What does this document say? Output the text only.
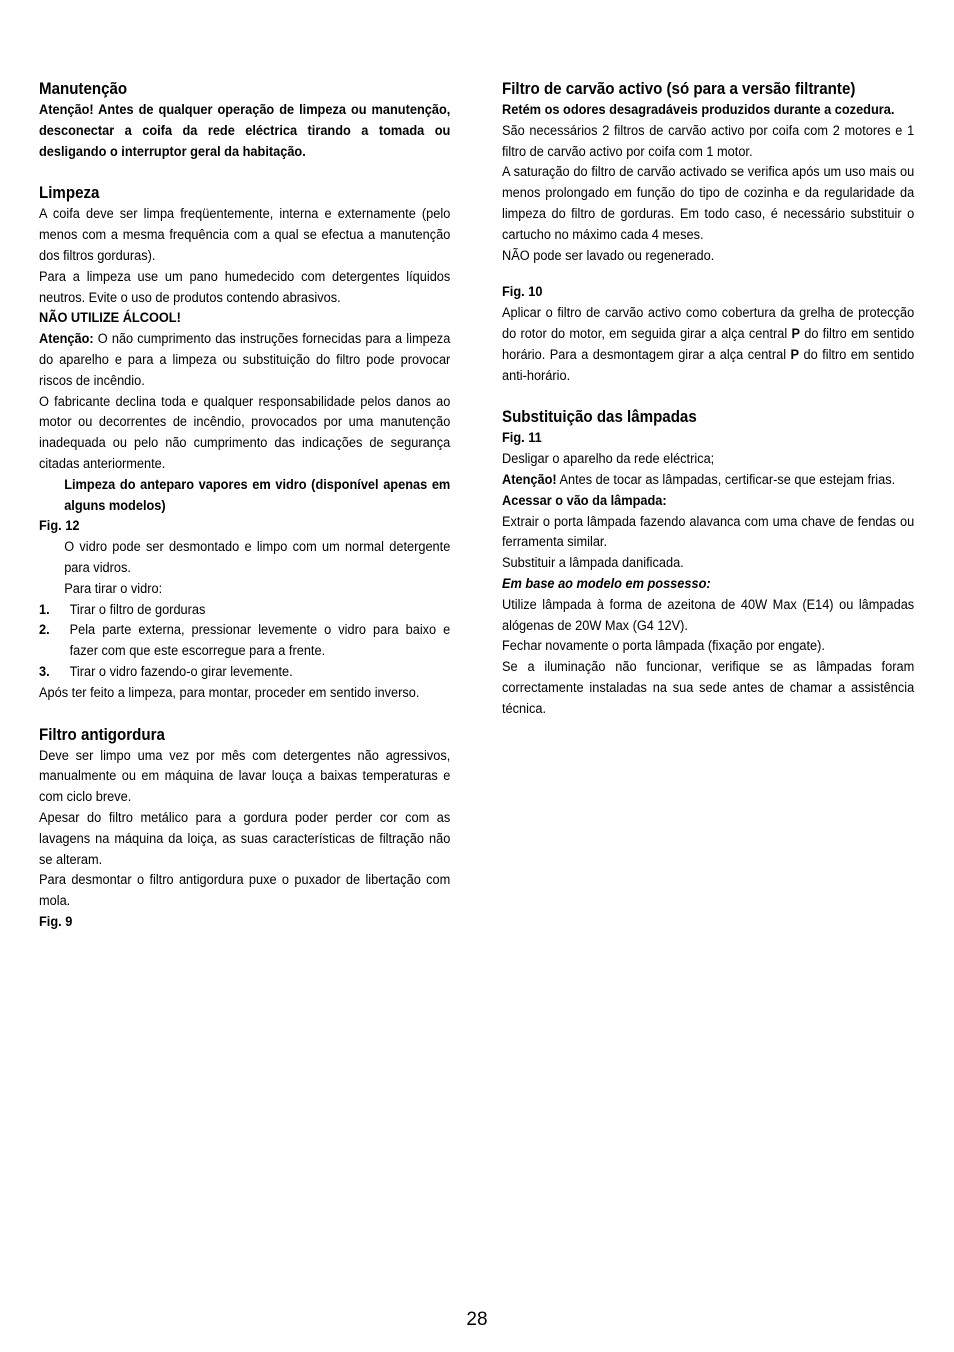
Manutenção

Atenção! Antes de qualquer operação de limpeza ou manutenção, desconectar a coifa da rede eléctrica tirando a tomada ou desligando o interruptor geral da habitação.

Limpeza

A coifa deve ser limpa freqüentemente, interna e externamente (pelo menos com a mesma frequência com a qual se efectua a manutenção dos filtros gorduras).

Para a limpeza use um pano humedecido com detergentes líquidos neutros. Evite o uso de produtos contendo abrasivos.

NÃO UTILIZE ÁLCOOL!

Atenção: O não cumprimento das instruções fornecidas para a limpeza do aparelho e para a limpeza ou substituição do filtro pode provocar riscos de incêndio.

O fabricante declina toda e qualquer responsabilidade pelos danos ao motor ou decorrentes de incêndio, provocados por uma manutenção inadequada ou pelo não cumprimento das indicações de segurança citadas anteriormente.

Limpeza do anteparo vapores em vidro (disponível apenas em alguns modelos)

Fig. 12

O vidro pode ser desmontado e limpo com um normal detergente para vidros.

Para tirar o vidro:

1.	Tirar o filtro de gorduras
2.	Pela parte externa, pressionar levemente o vidro para baixo e fazer com que este escorregue para a frente.
3.	Tirar o vidro fazendo-o girar levemente.

Após ter feito a limpeza, para montar, proceder em sentido inverso.

Filtro antigordura

Deve ser limpo uma vez por mês com detergentes não agressivos, manualmente ou em máquina de lavar louça a baixas temperaturas e com ciclo breve.

Apesar do filtro metálico para a gordura poder perder cor com as lavagens na máquina da loiça, as suas características de filtração não se alteram.

Para desmontar o filtro antigordura puxe o puxador de libertação com mola.

Fig. 9

Filtro de carvão activo (só para a versão filtrante)

Retém os odores desagradáveis produzidos durante a cozedura.

São necessários 2 filtros de carvão activo por coifa com 2 motores e 1 filtro de carvão activo por coifa com 1 motor.

A saturação do filtro de carvão activado se verifica após um uso mais ou menos prolongado em função do tipo de cozinha e da regularidade da limpeza do filtro de gorduras. Em todo caso, é necessário substituir o cartucho no máximo cada 4 meses.

NÃO pode ser lavado ou regenerado.

Fig. 10

Aplicar o filtro de carvão activo como cobertura da grelha de protecção do rotor do motor, em seguida girar a alça central P do filtro em sentido horário. Para a desmontagem girar a alça central P do filtro em sentido anti-horário.

Substituição das lâmpadas

Fig. 11

Desligar o aparelho da rede eléctrica;

Atenção! Antes de tocar as lâmpadas, certificar-se que estejam frias.

Acessar o vão da lâmpada:

Extrair o porta lâmpada fazendo alavanca com uma chave de fendas ou ferramenta similar.

Substituir a lâmpada danificada.

Em base ao modelo em possesso:

Utilize lâmpada à forma de azeitona de 40W Max (E14) ou lâmpadas alógenas de 20W Max (G4 12V).

Fechar novamente o porta lâmpada (fixação por engate).

Se a iluminação não funcionar, verifique se as lâmpadas foram correctamente instaladas na sua sede antes de chamar a assistência técnica.

28
